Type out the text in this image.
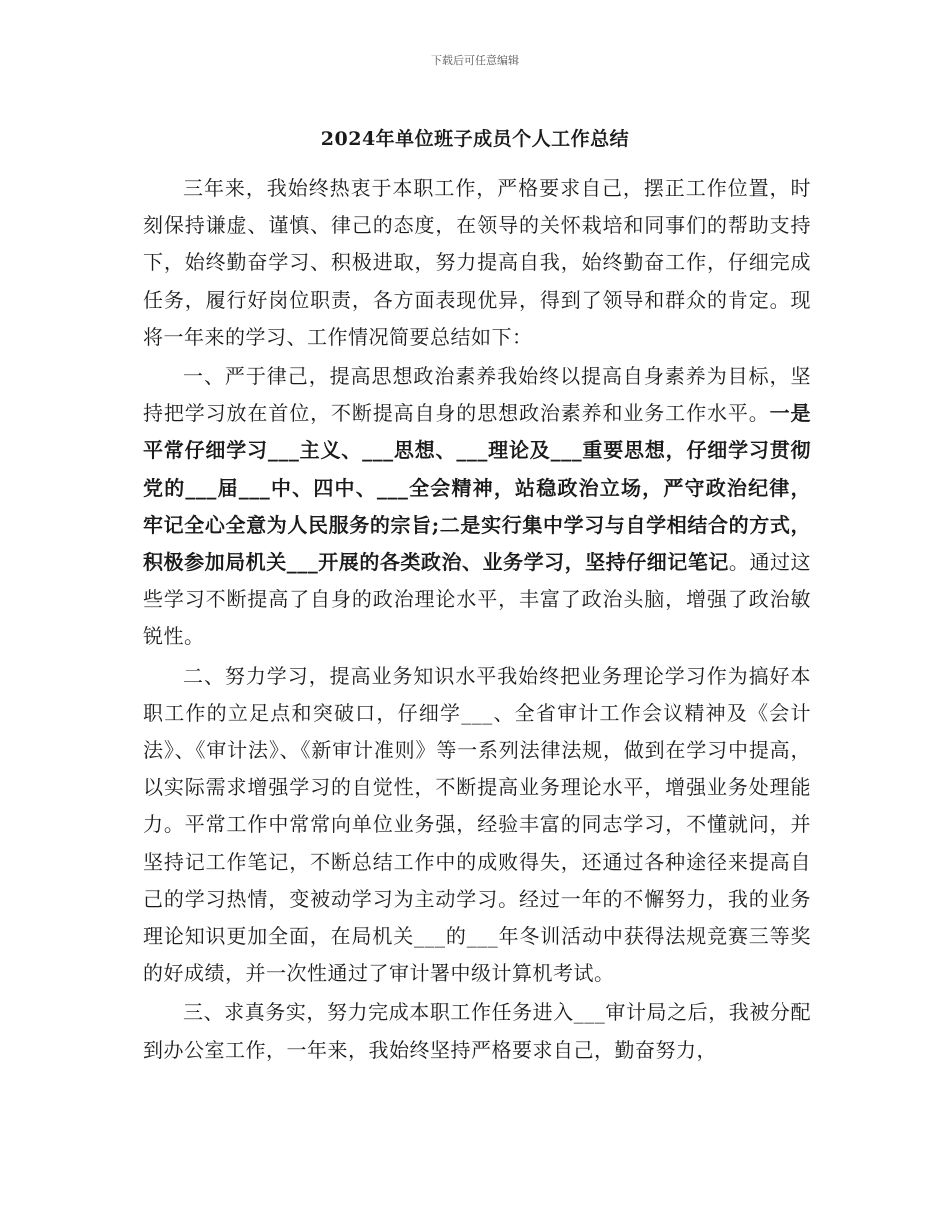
下载后可任意编辑
2024年单位班子成员个人工作总结

三年来，我始终热衷于本职工作，严格要求自己，摆正工作位置，时刻保持谦虚、谨慎、律己的态度，在领导的关怀栽培和同事们的帮助支持下，始终勤奋学习、积极进取，努力提高自我，始终勤奋工作，仔细完成任务，履行好岗位职责，各方面表现优异，得到了领导和群众的肯定。现将一年来的学习、工作情况简要总结如下：

一、严于律己，提高思想政治素养我始终以提高自身素养为目标，坚持把学习放在首位，不断提高自身的思想政治素养和业务工作水平。一是平常仔细学习___主义、___思想、___理论及___重要思想，仔细学习贯彻党的___届___中、四中、___全会精神，站稳政治立场，严守政治纪律，牢记全心全意为人民服务的宗旨;二是实行集中学习与自学相结合的方式，积极参加局机关___开展的各类政治、业务学习，坚持仔细记笔记。通过这些学习不断提高了自身的政治理论水平，丰富了政治头脑，增强了政治敏锐性。

二、努力学习，提高业务知识水平我始终把业务理论学习作为搞好本职工作的立足点和突破口，仔细学___、全省审计工作会议精神及《会计法》、《审计法》、《新审计准则》等一系列法律法规，做到在学习中提高，以实际需求增强学习的自觉性，不断提高业务理论水平，增强业务处理能力。平常工作中常常向单位业务强，经验丰富的同志学习，不懂就问，并坚持记工作笔记，不断总结工作中的成败得失，还通过各种途径来提高自己的学习热情，变被动学习为主动学习。经过一年的不懈努力，我的业务理论知识更加全面，在局机关___的___年冬训活动中获得法规竞赛三等奖的好成绩，并一次性通过了审计署中级计算机考试。

三、求真务实，努力完成本职工作任务进入___审计局之后，我被分配到办公室工作，一年来，我始终坚持严格要求自己，勤奋努力，
